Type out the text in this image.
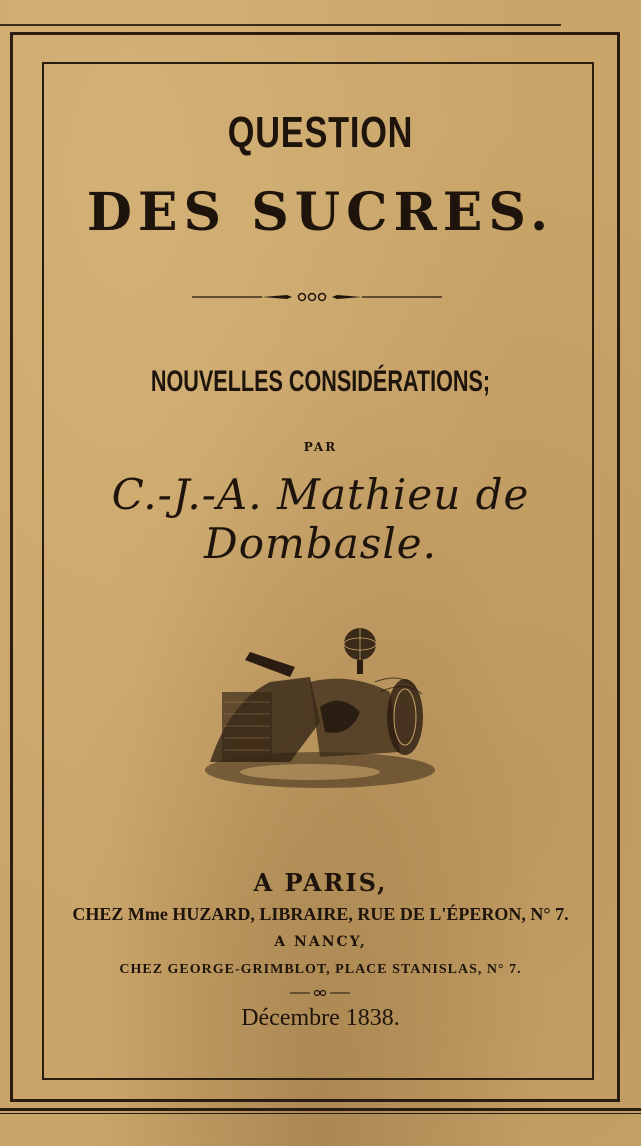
QUESTION
DES SUCRES.
NOUVELLES CONSIDÉRATIONS;
PAR
C.-J.-A. Mathieu de Dombasle.
A PARIS,
CHEZ Mme HUZARD, LIBRAIRE, RUE DE L'ÉPERON, N° 7.
A NANCY,
CHEZ GEORGE-GRIMBLOT, PLACE STANISLAS, N° 7.
Décembre 1838.
